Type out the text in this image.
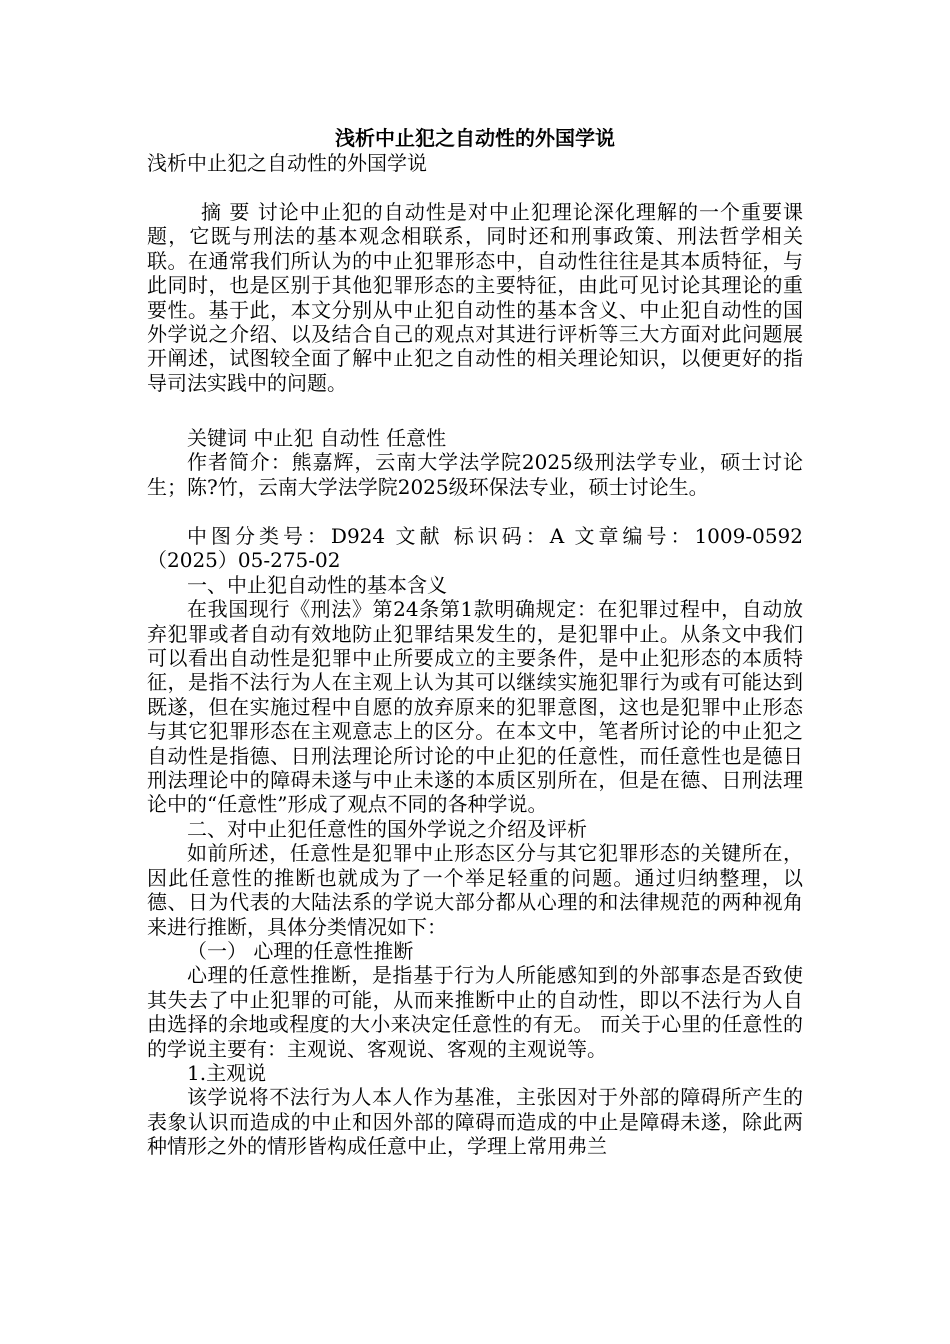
浅析中止犯之自动性的外国学说
浅析中止犯之自动性的外国学说

摘 要 讨论中止犯的自动性是对中止犯理论深化理解的一个重要课题，它既与刑法的基本观念相联系，同时还和刑事政策、刑法哲学相关联。在通常我们所认为的中止犯罪形态中，自动性往往是其本质特征，与此同时，也是区别于其他犯罪形态的主要特征，由此可见讨论其理论的重要性。基于此，本文分别从中止犯自动性的基本含义、中止犯自动性的国外学说之介绍、以及结合自己的观点对其进行评析等三大方面对此问题展开阐述，试图较全面了解中止犯之自动性的相关理论知识，以便更好的指导司法实践中的问题。

关键词 中止犯 自动性 任意性

作者简介：熊嘉辉，云南大学法学院2025级刑法学专业，硕士讨论生；陈?竹，云南大学法学院2025级环保法专业，硕士讨论生。

中图分类号：D924 文献 标识码：A 文章编号：1009-0592（2025）05-275-02

一、中止犯自动性的基本含义

在我国现行《刑法》第24条第1款明确规定：在犯罪过程中，自动放弃犯罪或者自动有效地防止犯罪结果发生的，是犯罪中止。从条文中我们可以看出自动性是犯罪中止所要成立的主要条件，是中止犯形态的本质特征，是指不法行为人在主观上认为其可以继续实施犯罪行为或有可能达到既遂，但在实施过程中自愿的放弃原来的犯罪意图，这也是犯罪中止形态与其它犯罪形态在主观意志上的区分。在本文中，笔者所讨论的中止犯之自动性是指德、日刑法理论所讨论的中止犯的任意性，而任意性也是德日刑法理论中的障碍未遂与中止未遂的本质区别所在，但是在德、日刑法理论中的“任意性”形成了观点不同的各种学说。

二、对中止犯任意性的国外学说之介绍及评析

如前所述，任意性是犯罪中止形态区分与其它犯罪形态的关键所在，因此任意性的推断也就成为了一个举足轻重的问题。通过归纳整理，以德、日为代表的大陆法系的学说大部分都从心理的和法律规范的两种视角来进行推断，具体分类情况如下：

（一） 心理的任意性推断

心理的任意性推断，是指基于行为人所能感知到的外部事态是否致使其失去了中止犯罪的可能，从而来推断中止的自动性，即以不法行为人自由选择的余地或程度的大小来决定任意性的有无。 而关于心里的任意性的的学说主要有：主观说、客观说、客观的主观说等。

1.主观说

该学说将不法行为人本人作为基准，主张因对于外部的障碍所产生的表象认识而造成的中止和因外部的障碍而造成的中止是障碍未遂，除此两种情形之外的情形皆构成任意中止，学理上常用弗兰
